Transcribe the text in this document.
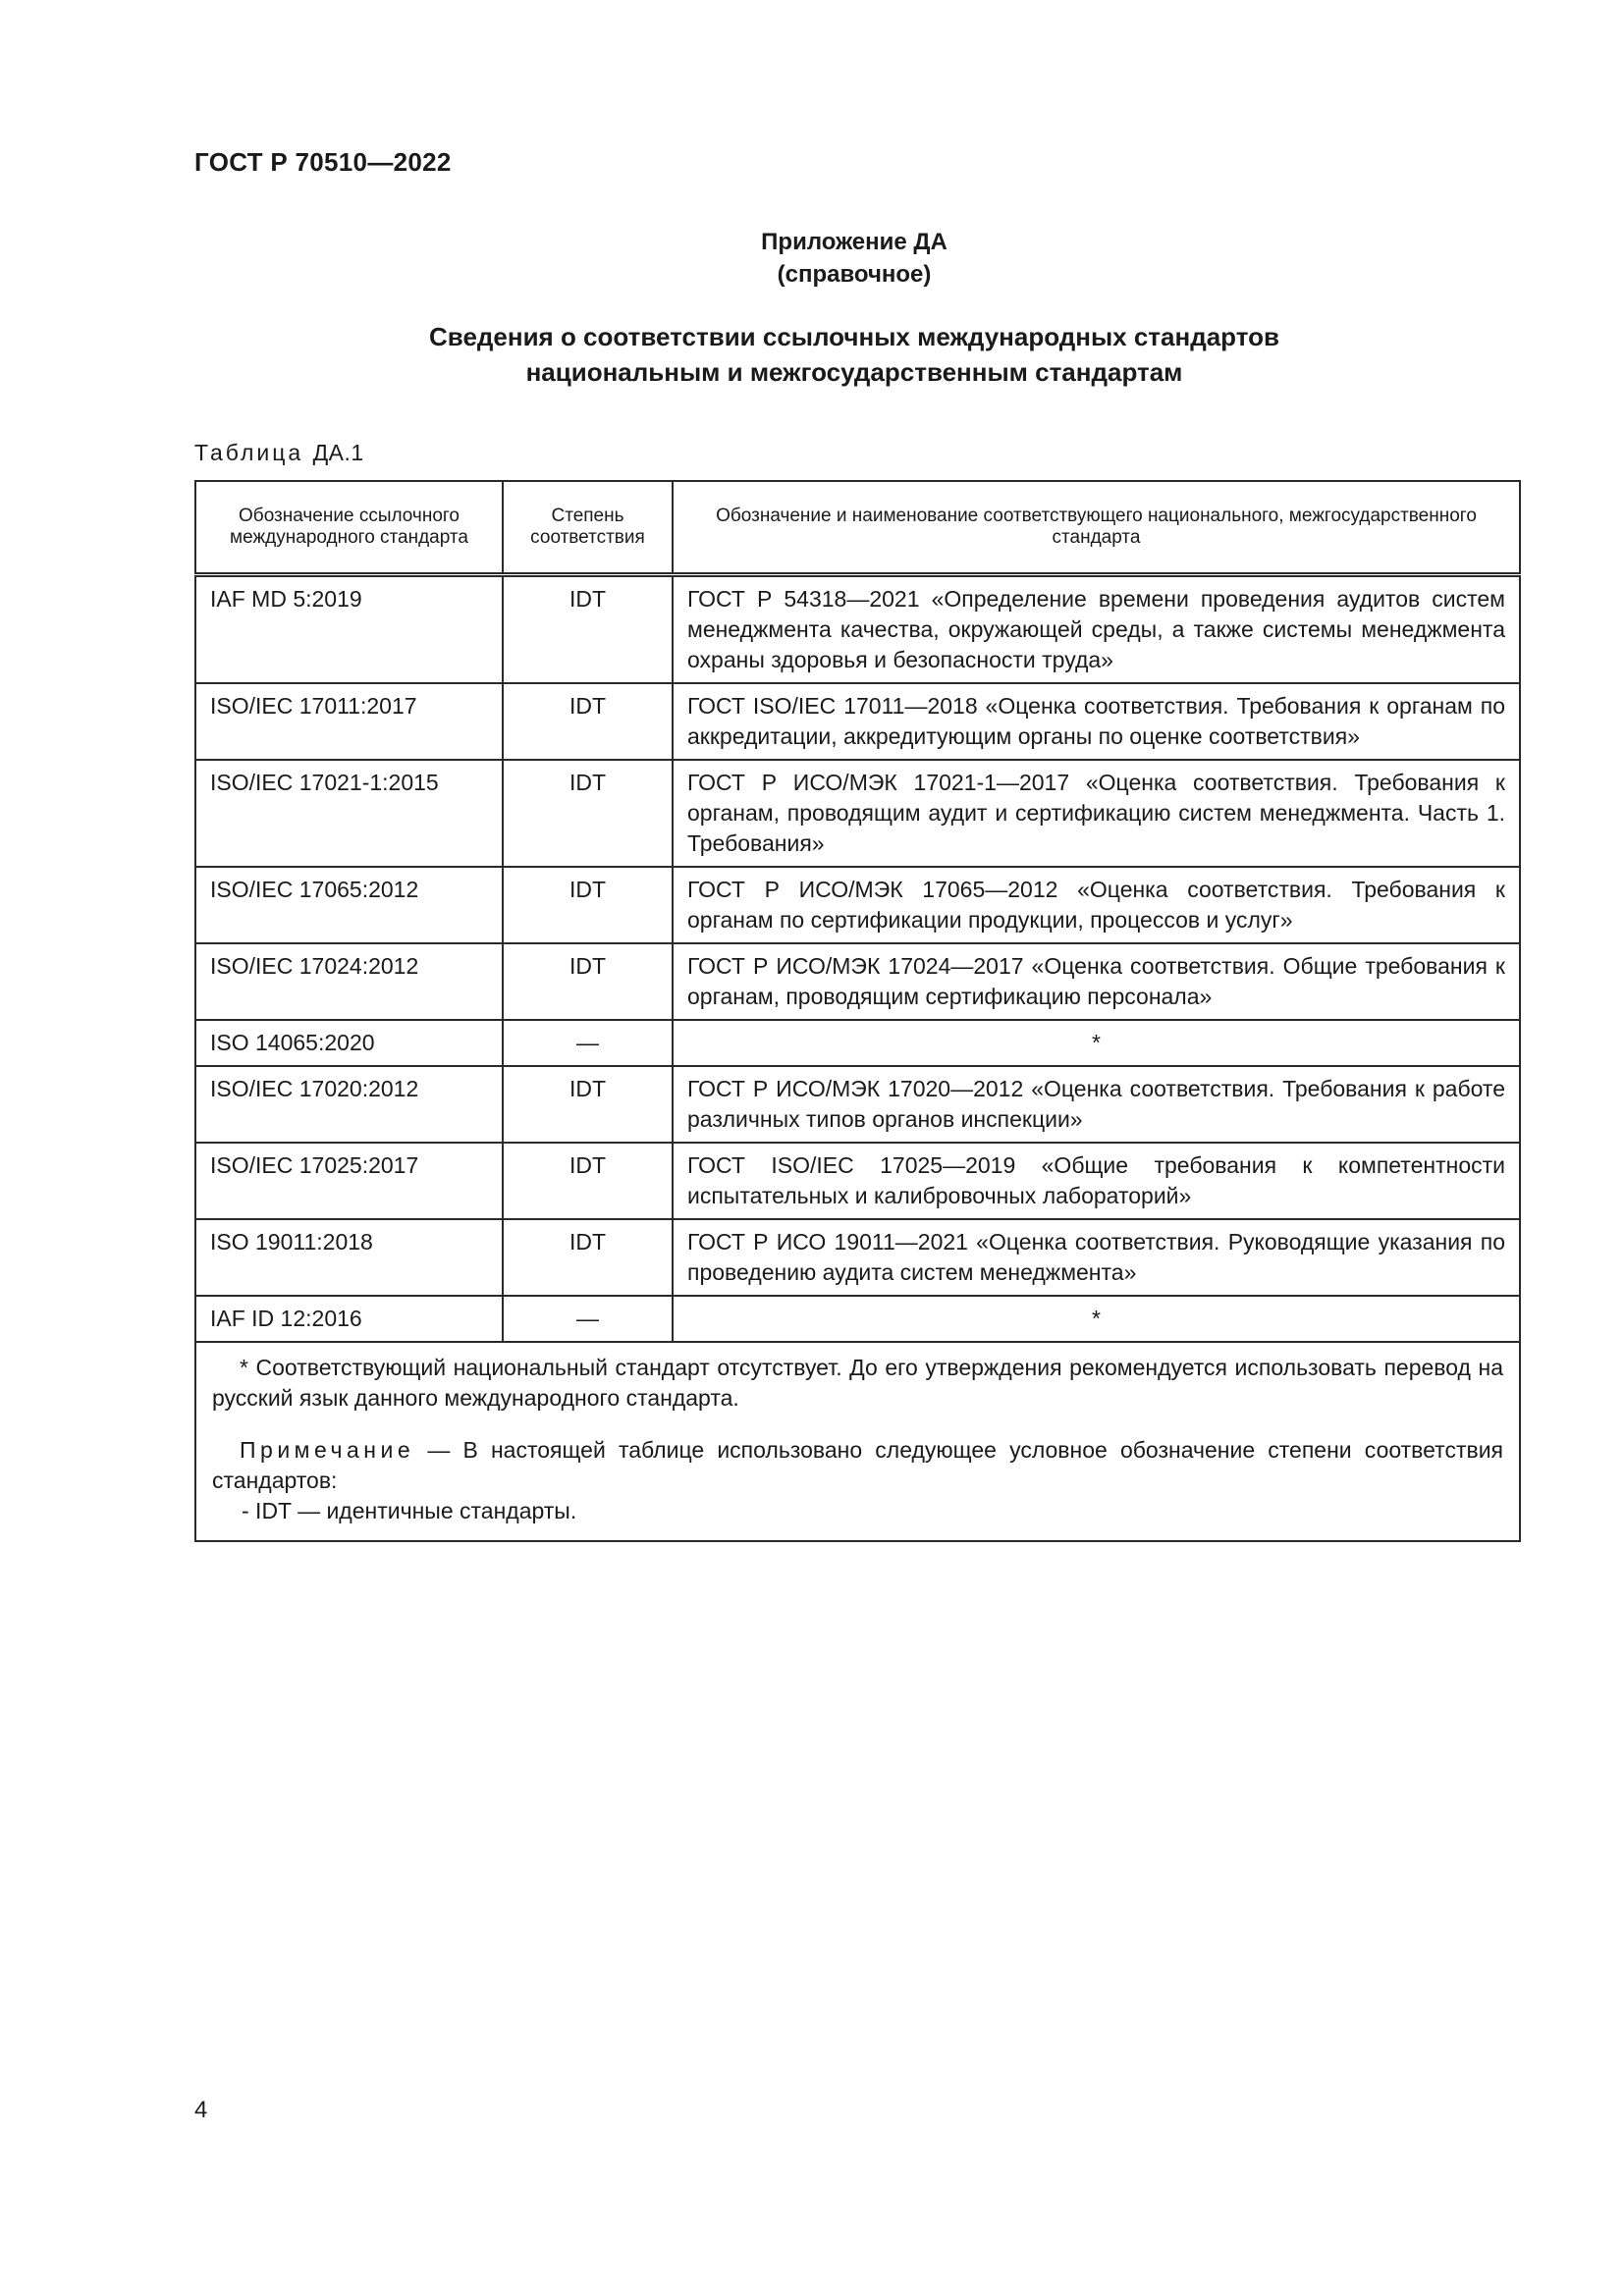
ГОСТ Р 70510—2022
Приложение ДА
(справочное)
Сведения о соответствии ссылочных международных стандартов
национальным и межгосударственным стандартам
Таблица ДА.1
Обозначение ссылочного международного стандарта	Степень соответствия	Обозначение и наименование соответствующего национального, межгосударственного стандарта
IAF MD 5:2019	IDT	ГОСТ Р 54318—2021 «Определение времени проведения аудитов систем менеджмента качества, окружающей среды, а также системы менеджмента охраны здоровья и безопасности труда»
ISO/IEC 17011:2017	IDT	ГОСТ ISO/IEC 17011—2018 «Оценка соответствия. Требования к органам по аккредитации, аккредитующим органы по оценке соответствия»
ISO/IEC 17021-1:2015	IDT	ГОСТ Р ИСО/МЭК 17021-1—2017 «Оценка соответствия. Требования к органам, проводящим аудит и сертификацию систем менеджмента. Часть 1. Требования»
ISO/IEC 17065:2012	IDT	ГОСТ Р ИСО/МЭК 17065—2012 «Оценка соответствия. Требования к органам по сертификации продукции, процессов и услуг»
ISO/IEC 17024:2012	IDT	ГОСТ Р ИСО/МЭК 17024—2017 «Оценка соответствия. Общие требования к органам, проводящим сертификацию персонала»
ISO 14065:2020	—	*
ISO/IEC 17020:2012	IDT	ГОСТ Р ИСО/МЭК 17020—2012 «Оценка соответствия. Требования к работе различных типов органов инспекции»
ISO/IEC 17025:2017	IDT	ГОСТ ISO/IEC 17025—2019 «Общие требования к компетентности испытательных и калибровочных лабораторий»
ISO 19011:2018	IDT	ГОСТ Р ИСО 19011—2021 «Оценка соответствия. Руководящие указания по проведению аудита систем менеджмента»
IAF ID 12:2016	—	*

* Соответствующий национальный стандарт отсутствует. До его утверждения рекомендуется использовать перевод на русский язык данного международного стандарта.

Примечание — В настоящей таблице использовано следующее условное обозначение степени соответствия стандартов:

- IDT — идентичные стандарты.		

4
